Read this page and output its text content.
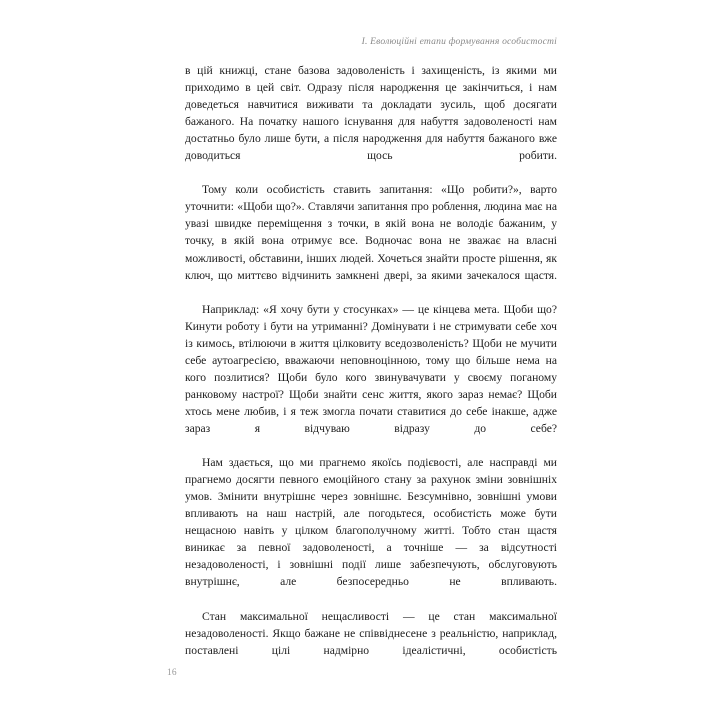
I. Еволюційні етапи формування особистості

в цій книжці, стане базова задоволеність і захищеність, із якими ми приходимо в цей світ. Одразу після народження це закінчиться, і нам доведеться навчитися виживати та докладати зусиль, щоб досягати бажаного. На початку нашого існування для набуття задоволеності нам достатньо було лише бути, а після народження для набуття бажаного вже доводиться щось робити.

Тому коли особистість ставить запитання: «Що робити?», варто уточнити: «Щоби що?». Ставлячи запитання про роблення, людина має на увазі швидке переміщення з точки, в якій вона не володіє бажаним, у точку, в якій вона отримує все. Водночас вона не зважає на власні можливості, обставини, інших людей. Хочеться знайти просте рішення, як ключ, що миттєво відчинить замкнені двері, за якими зачекалося щастя.

Наприклад: «Я хочу бути у стосунках» — це кінцева мета. Щоби що? Кинути роботу і бути на утриманні? Домінувати і не стримувати себе хоч із кимось, втілюючи в життя цілковиту вседозволеність? Щоби не мучити себе аутоагресією, вважаючи неповноцінною, тому що більше нема на кого позлитися? Щоби було кого звинувачувати у своєму поганому ранковому настрої? Щоби знайти сенс життя, якого зараз немає? Щоби хтось мене любив, і я теж змогла почати ставитися до себе інакше, адже зараз я відчуваю відразу до себе?

Нам здається, що ми прагнемо якоїсь подієвості, але насправді ми прагнемо досягти певного емоційного стану за рахунок зміни зовнішніх умов. Змінити внутрішнє через зовнішнє. Безсумнівно, зовнішні умови впливають на наш настрій, але погодьтеся, особистість може бути нещасною навіть у цілком благополучному житті. Тобто стан щастя виникає за певної задоволеності, а точніше — за відсутності незадоволеності, і зовнішні події лише забезпечують, обслуговують внутрішнє, але безпосередньо не впливають.

Стан максимальної нещасливості — це стан максимальної незадоволеності. Якщо бажане не співвіднесене з реальністю, наприклад, поставлені цілі надмірно ідеалістичні, особистість

16
